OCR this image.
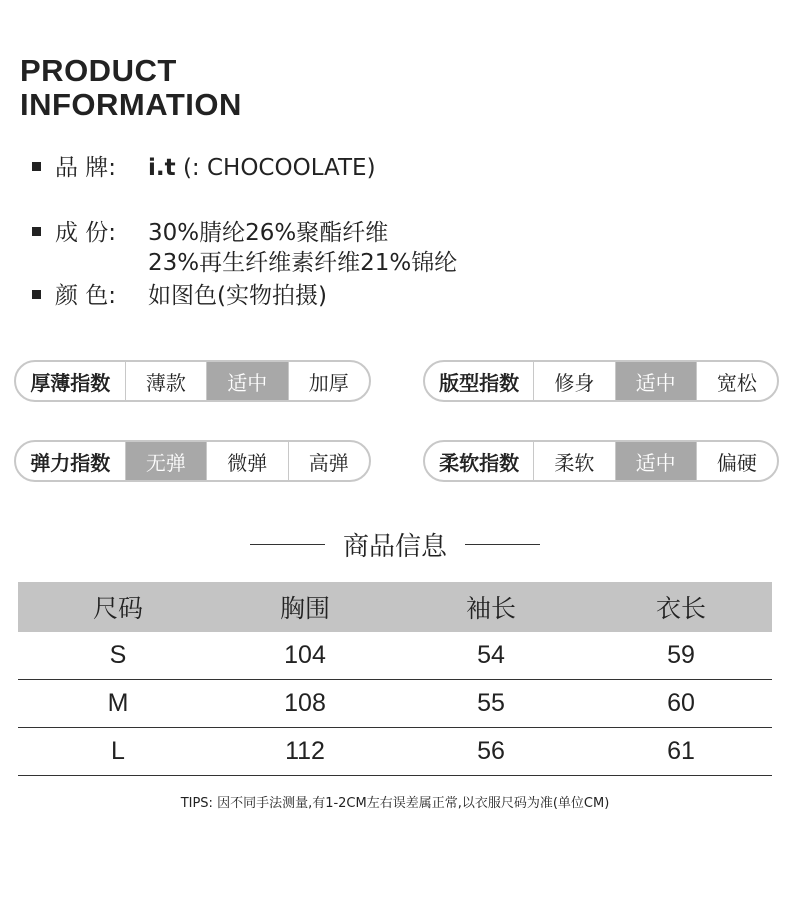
PRODUCT
INFORMATION
品 牌:	i.t (: CHOCOOLATE)
成 份:	30%腈纶26%聚酯纤维
23%再生纤维素纤维21%锦纶
颜 色:	如图色(实物拍摄)
厚薄指数	薄款	适中	加厚	版型指数	修身	适中	宽松
弹力指数	无弹	微弹	高弹	柔软指数	柔软	适中	偏硬
商品信息
尺码	胸围	袖长	衣长
S	104	54	59
M	108	55	60
L	112	56	61
TIPS: 因不同手法测量,有1-2CM左右误差属正常,以衣服尺码为准(单位CM)
